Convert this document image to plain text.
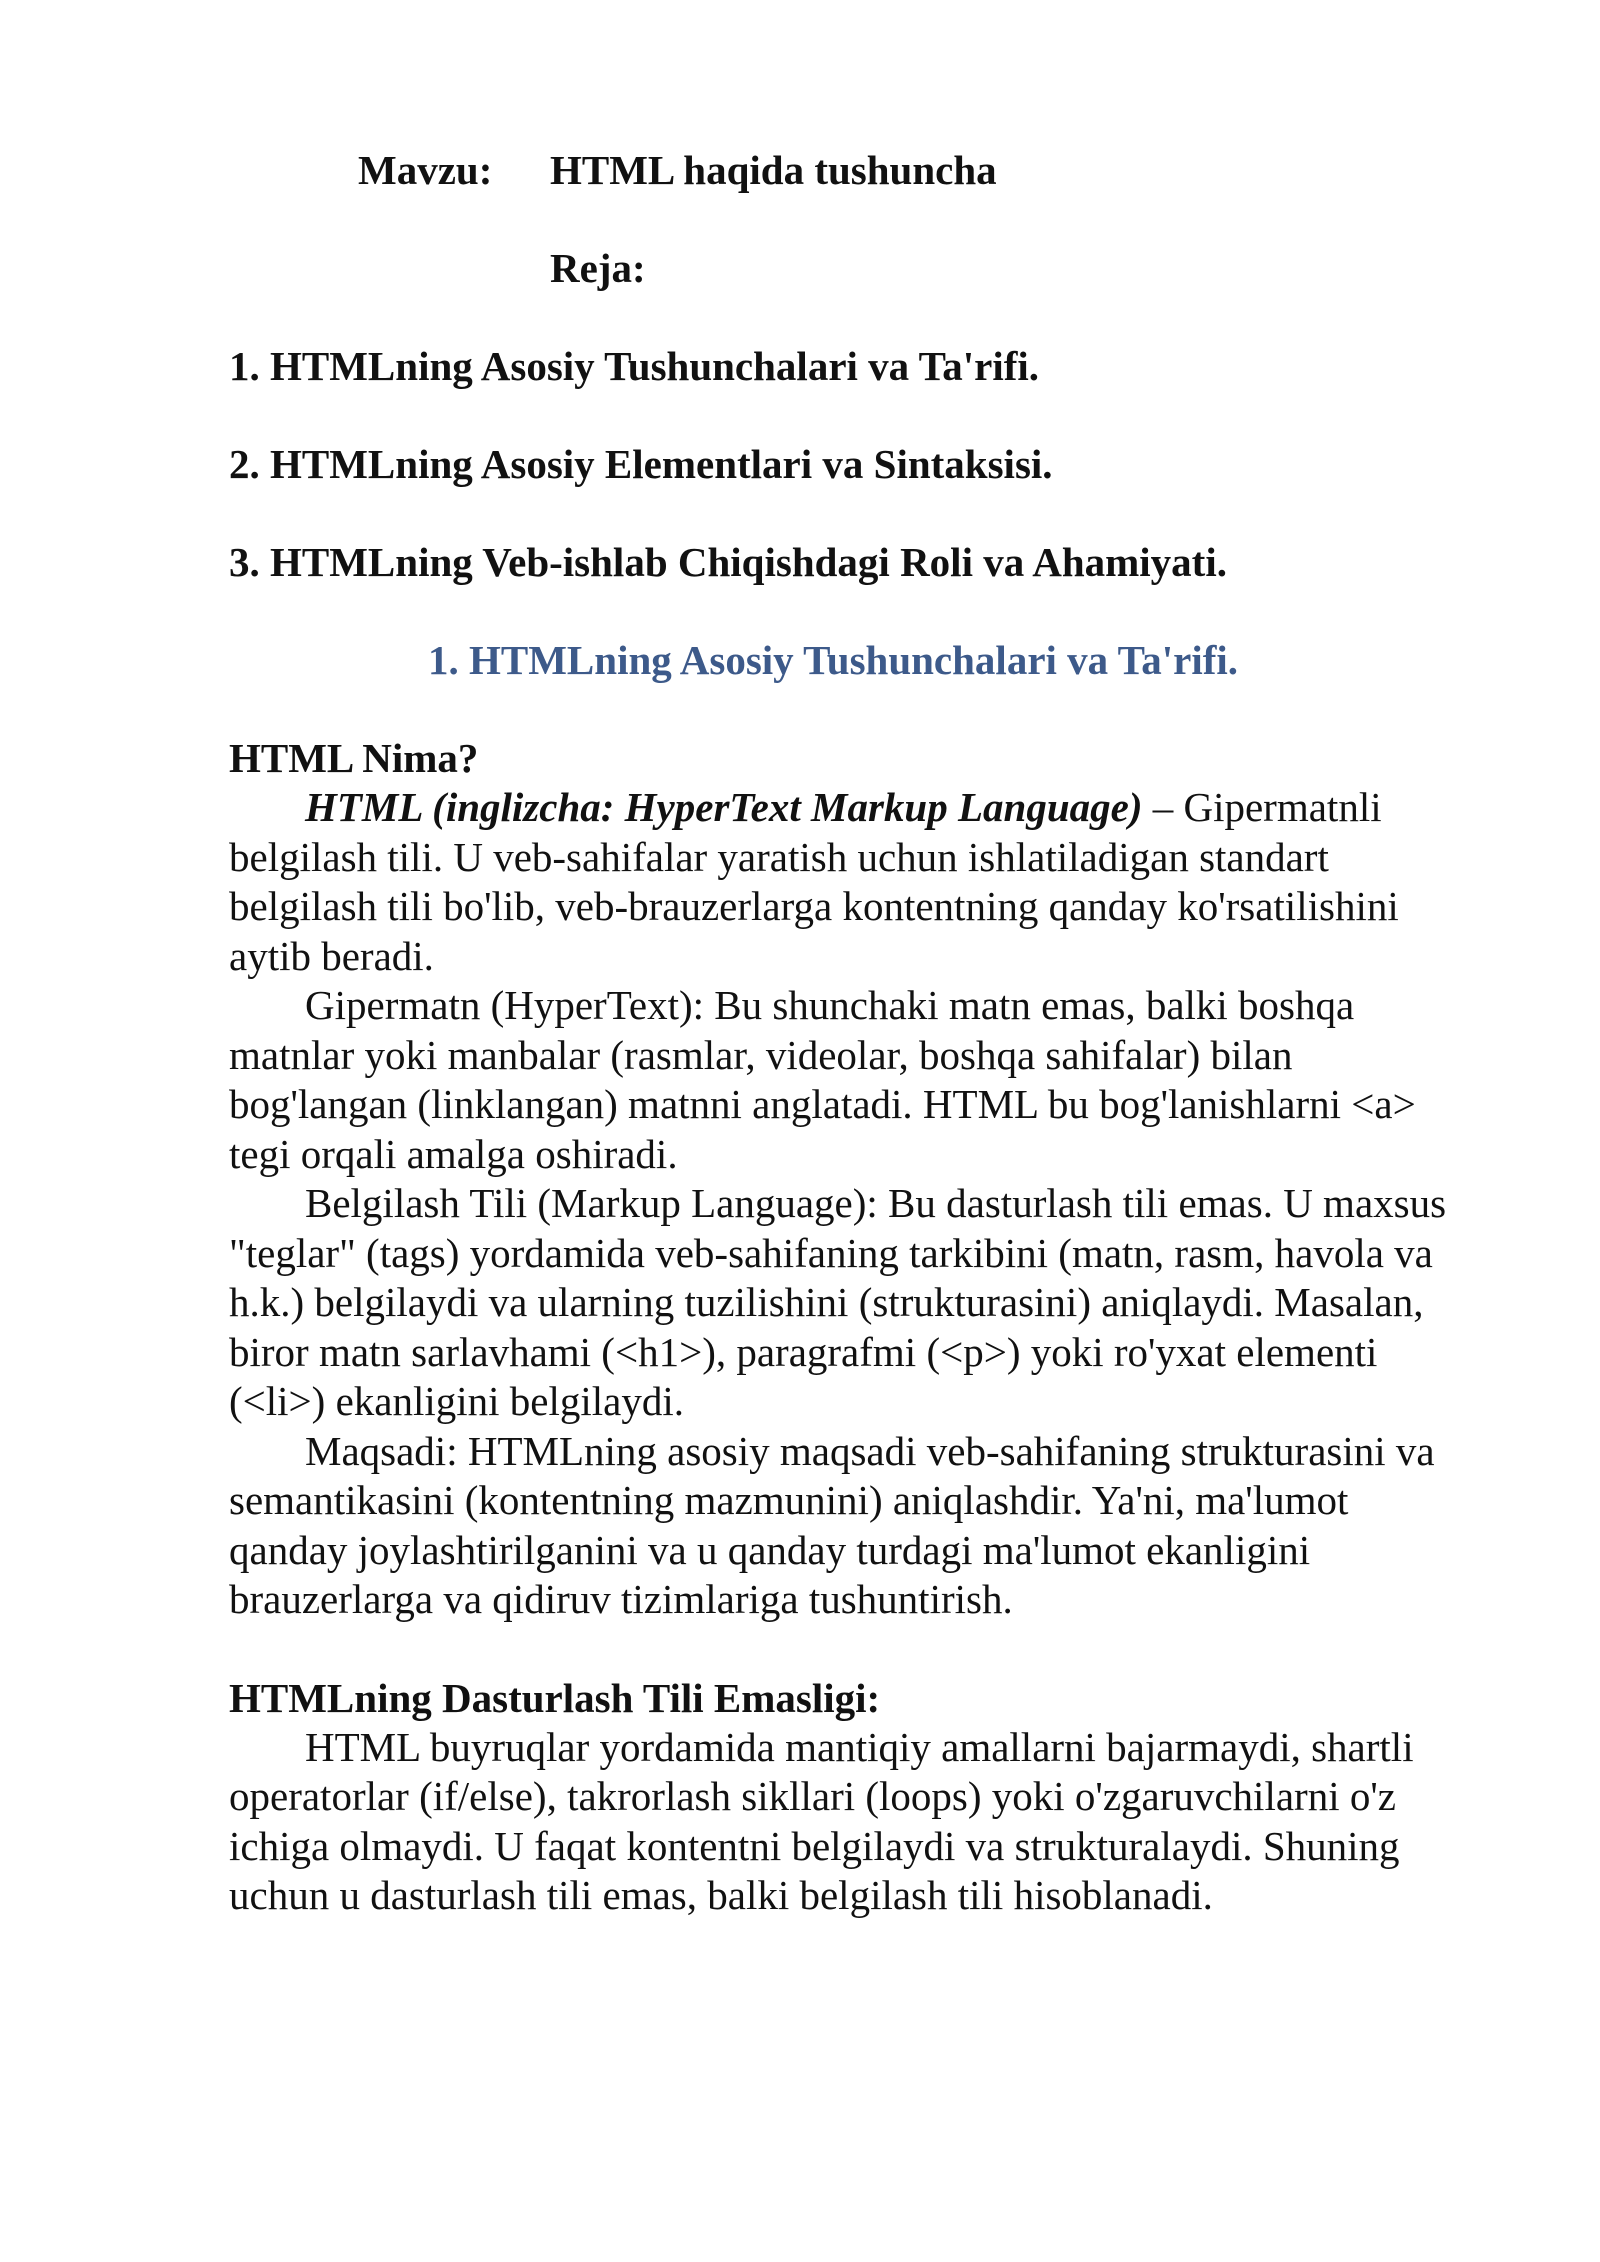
Mavzu:	HTML haqida tushuncha
Reja:
1. HTMLning Asosiy Tushunchalari va Ta'rifi.
2. HTMLning Asosiy Elementlari va Sintaksisi.
3. HTMLning Veb-ishlab Chiqishdagi Roli va Ahamiyati.
1. HTMLning Asosiy Tushunchalari va Ta'rifi.
HTML Nima?

HTML (inglizcha: HyperText Markup Language) – Gipermatnli belgilash tili. U veb-sahifalar yaratish uchun ishlatiladigan standart belgilash tili bo'lib, veb-brauzerlarga kontentning qanday ko'rsatilishini aytib beradi.

Gipermatn (HyperText): Bu shunchaki matn emas, balki boshqa matnlar yoki manbalar (rasmlar, videolar, boshqa sahifalar) bilan bog'langan (linklangan) matnni anglatadi. HTML bu bog'lanishlarni <a> tegi orqali amalga oshiradi.

Belgilash Tili (Markup Language): Bu dasturlash tili emas. U maxsus "teglar" (tags) yordamida veb-sahifaning tarkibini (matn, rasm, havola va h.k.) belgilaydi va ularning tuzilishini (strukturasini) aniqlaydi. Masalan, biror matn sarlavhami (<h1>), paragrafmi (<p>) yoki ro'yxat elementi (<li>) ekanligini belgilaydi.

Maqsadi: HTMLning asosiy maqsadi veb-sahifaning strukturasini va semantikasini (kontentning mazmunini) aniqlashdir. Ya'ni, ma'lumot qanday joylashtirilganini va u qanday turdagi ma'lumot ekanligini brauzerlarga va qidiruv tizimlariga tushuntirish.

HTMLning Dasturlash Tili Emasligi:

HTML buyruqlar yordamida mantiqiy amallarni bajarmaydi, shartli operatorlar (if/else), takrorlash sikllari (loops) yoki o'zgaruvchilarni o'z ichiga olmaydi. U faqat kontentni belgilaydi va strukturalaydi. Shuning uchun u dasturlash tili emas, balki belgilash tili hisoblanadi.
